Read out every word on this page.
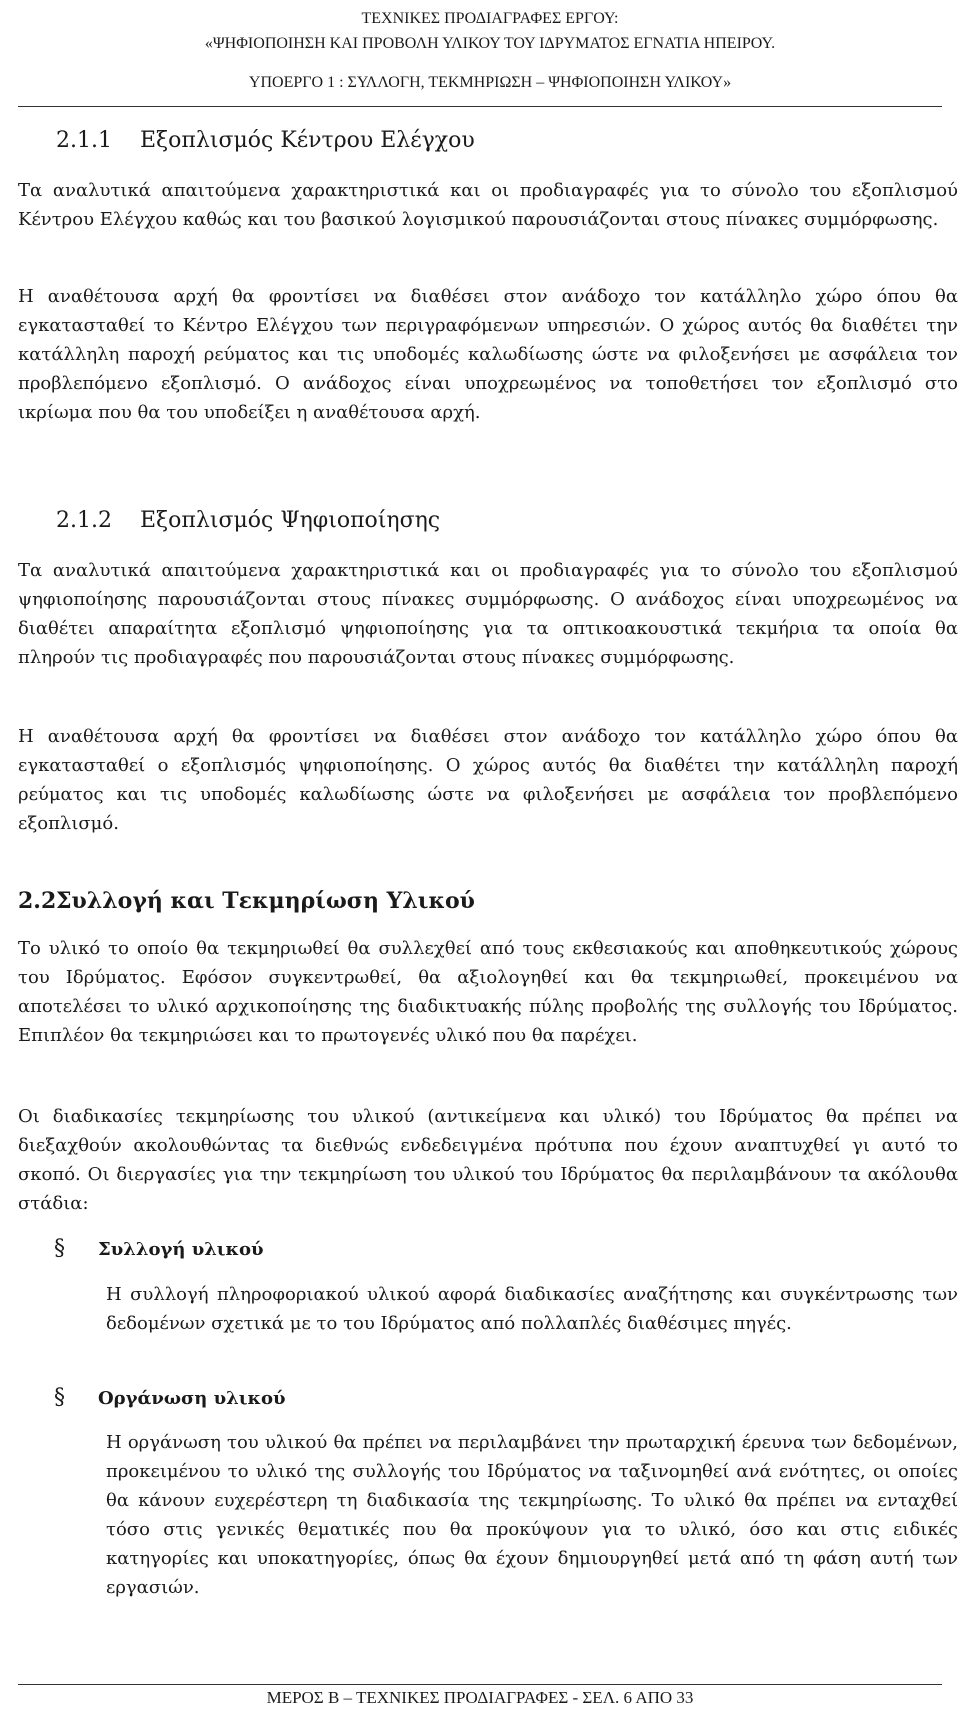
ΤΕΧΝΙΚΕΣ ΠΡΟΔΙΑΓΡΑΦΕΣ ΕΡΓΟΥ:
«ΨΗΦΙΟΠΟΙΗΣΗ ΚΑΙ ΠΡΟΒΟΛΗ ΥΛΙΚΟΥ ΤΟΥ ΙΔΡΥΜΑΤΟΣ ΕΓΝΑΤΙΑ ΗΠΕΙΡΟΥ.
ΥΠΟΕΡΓΟ 1 : ΣΥΛΛΟΓΗ, ΤΕΚΜΗΡΙΩΣΗ – ΨΗΦΙΟΠΟΙΗΣΗ ΥΛΙΚΟΥ»
2.1.1 Εξοπλισμός Κέντρου Ελέγχου

Τα αναλυτικά απαιτούμενα χαρακτηριστικά και οι προδιαγραφές για το σύνολο του εξοπλισμού Κέντρου Ελέγχου καθώς και του βασικού λογισμικού παρουσιάζονται στους πίνακες συμμόρφωσης.

Η αναθέτουσα αρχή θα φροντίσει να διαθέσει στον ανάδοχο τον κατάλληλο χώρο όπου θα εγκατασταθεί το Κέντρο Ελέγχου των περιγραφόμενων υπηρεσιών. Ο χώρος αυτός θα διαθέτει την κατάλληλη παροχή ρεύματος και τις υποδομές καλωδίωσης ώστε να φιλοξενήσει με ασφάλεια τον προβλεπόμενο εξοπλισμό. Ο ανάδοχος είναι υποχρεωμένος να τοποθετήσει τον εξοπλισμό στο ικρίωμα που θα του υποδείξει η αναθέτουσα αρχή.

2.1.2 Εξοπλισμός Ψηφιοποίησης

Τα αναλυτικά απαιτούμενα χαρακτηριστικά και οι προδιαγραφές για το σύνολο του εξοπλισμού ψηφιοποίησης παρουσιάζονται στους πίνακες συμμόρφωσης. Ο ανάδοχος είναι υποχρεωμένος να διαθέτει απαραίτητα εξοπλισμό ψηφιοποίησης για τα οπτικοακουστικά τεκμήρια τα οποία θα πληρούν τις προδιαγραφές που παρουσιάζονται στους πίνακες συμμόρφωσης.

Η αναθέτουσα αρχή θα φροντίσει να διαθέσει στον ανάδοχο τον κατάλληλο χώρο όπου θα εγκατασταθεί ο εξοπλισμός ψηφιοποίησης. Ο χώρος αυτός θα διαθέτει την κατάλληλη παροχή ρεύματος και τις υποδομές καλωδίωσης ώστε να φιλοξενήσει με ασφάλεια τον προβλεπόμενο εξοπλισμό.

2.2Συλλογή και Τεκμηρίωση Υλικού

Το υλικό το οποίο θα τεκμηριωθεί θα συλλεχθεί από τους εκθεσιακούς και αποθηκευτικούς χώρους του Ιδρύματος. Εφόσον συγκεντρωθεί, θα αξιολογηθεί και θα τεκμηριωθεί, προκειμένου να αποτελέσει το υλικό αρχικοποίησης της διαδικτυακής πύλης προβολής της συλλογής του Ιδρύματος. Επιπλέον θα τεκμηριώσει και το πρωτογενές υλικό που θα παρέχει.

Οι διαδικασίες τεκμηρίωσης του υλικού (αντικείμενα και υλικό) του Ιδρύματος θα πρέπει να διεξαχθούν ακολουθώντας τα διεθνώς ενδεδειγμένα πρότυπα που έχουν αναπτυχθεί γι αυτό το σκοπό. Οι διεργασίες για την τεκμηρίωση του υλικού του Ιδρύματος θα περιλαμβάνουν τα ακόλουθα στάδια:

§ Συλλογή υλικού

Η συλλογή πληροφοριακού υλικού αφορά διαδικασίες αναζήτησης και συγκέντρωσης των δεδομένων σχετικά με το του Ιδρύματος από πολλαπλές διαθέσιμες πηγές.

§ Οργάνωση υλικού

Η οργάνωση του υλικού θα πρέπει να περιλαμβάνει την πρωταρχική έρευνα των δεδομένων, προκειμένου το υλικό της συλλογής του Ιδρύματος να ταξινομηθεί ανά ενότητες, οι οποίες θα κάνουν ευχερέστερη τη διαδικασία της τεκμηρίωσης. Το υλικό θα πρέπει να ενταχθεί τόσο στις γενικές θεματικές που θα προκύψουν για το υλικό, όσο και στις ειδικές κατηγορίες και υποκατηγορίες, όπως θα έχουν δημιουργηθεί μετά από τη φάση αυτή των εργασιών.

ΜΕΡΟΣ Β – ΤΕΧΝΙΚΕΣ ΠΡΟΔΙΑΓΡΑΦΕΣ - ΣΕΛ. 6 ΑΠΟ 33
